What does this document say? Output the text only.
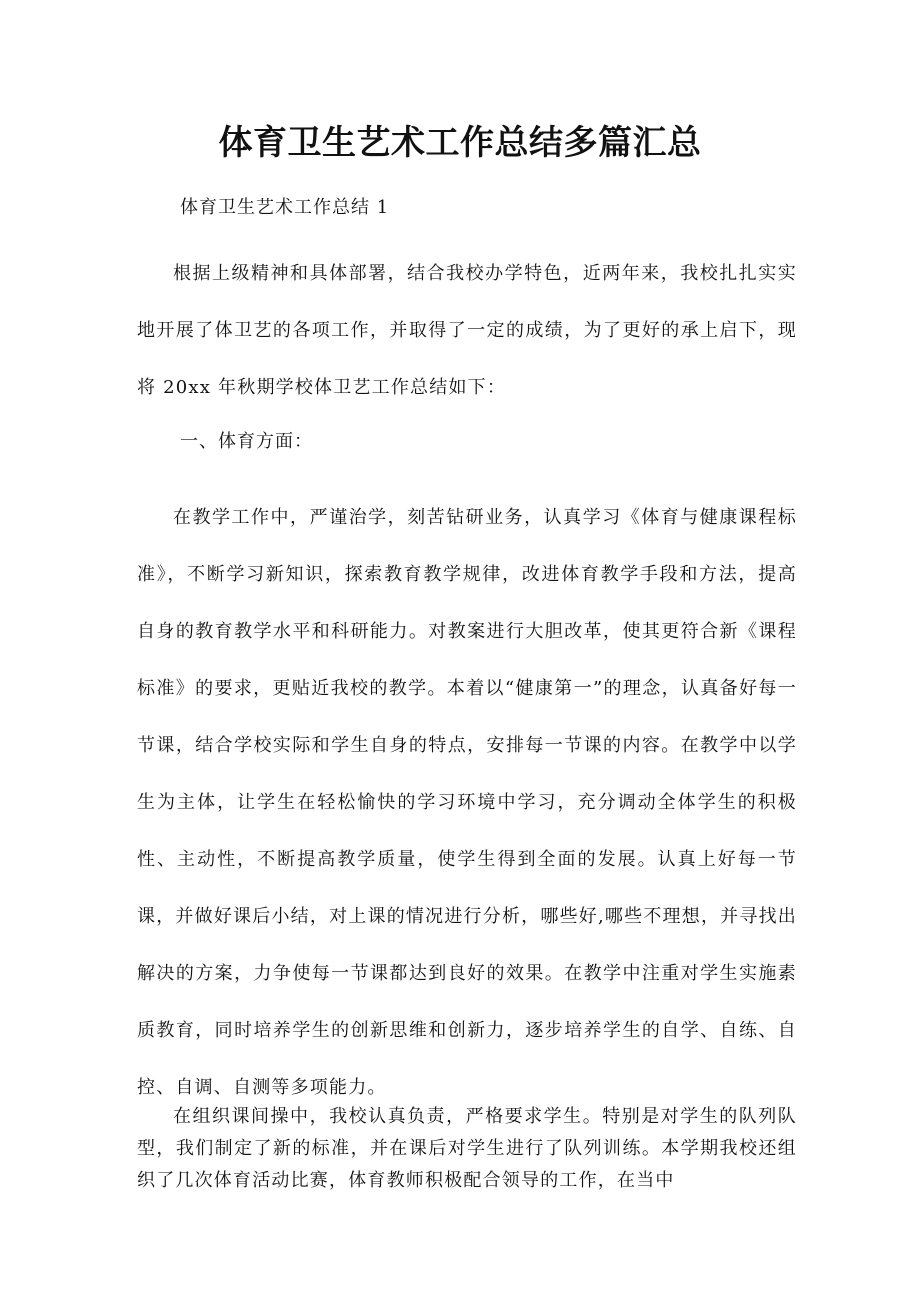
体育卫生艺术工作总结多篇汇总

体育卫生艺术工作总结 1

根据上级精神和具体部署，结合我校办学特色，近两年来，我校扎扎实实地开展了体卫艺的各项工作，并取得了一定的成绩，为了更好的承上启下，现将 20xx 年秋期学校体卫艺工作总结如下：

一、体育方面：

在教学工作中，严谨治学，刻苦钻研业务，认真学习《体育与健康课程标准》，不断学习新知识，探索教育教学规律，改进体育教学手段和方法，提高自身的教育教学水平和科研能力。对教案进行大胆改革，使其更符合新《课程标准》的要求，更贴近我校的教学。本着以“健康第一”的理念，认真备好每一节课，结合学校实际和学生自身的特点，安排每一节课的内容。在教学中以学生为主体，让学生在轻松愉快的学习环境中学习，充分调动全体学生的积极性、主动性，不断提高教学质量，使学生得到全面的发展。认真上好每一节课，并做好课后小结，对上课的情况进行分析，哪些好,哪些不理想，并寻找出解决的方案，力争使每一节课都达到良好的效果。在教学中注重对学生实施素质教育，同时培养学生的创新思维和创新力，逐步培养学生的自学、自练、自控、自调、自测等多项能力。

在组织课间操中，我校认真负责，严格要求学生。特别是对学生的队列队型，我们制定了新的标准，并在课后对学生进行了队列训练。本学期我校还组织了几次体育活动比赛，体育教师积极配合领导的工作，在当中
